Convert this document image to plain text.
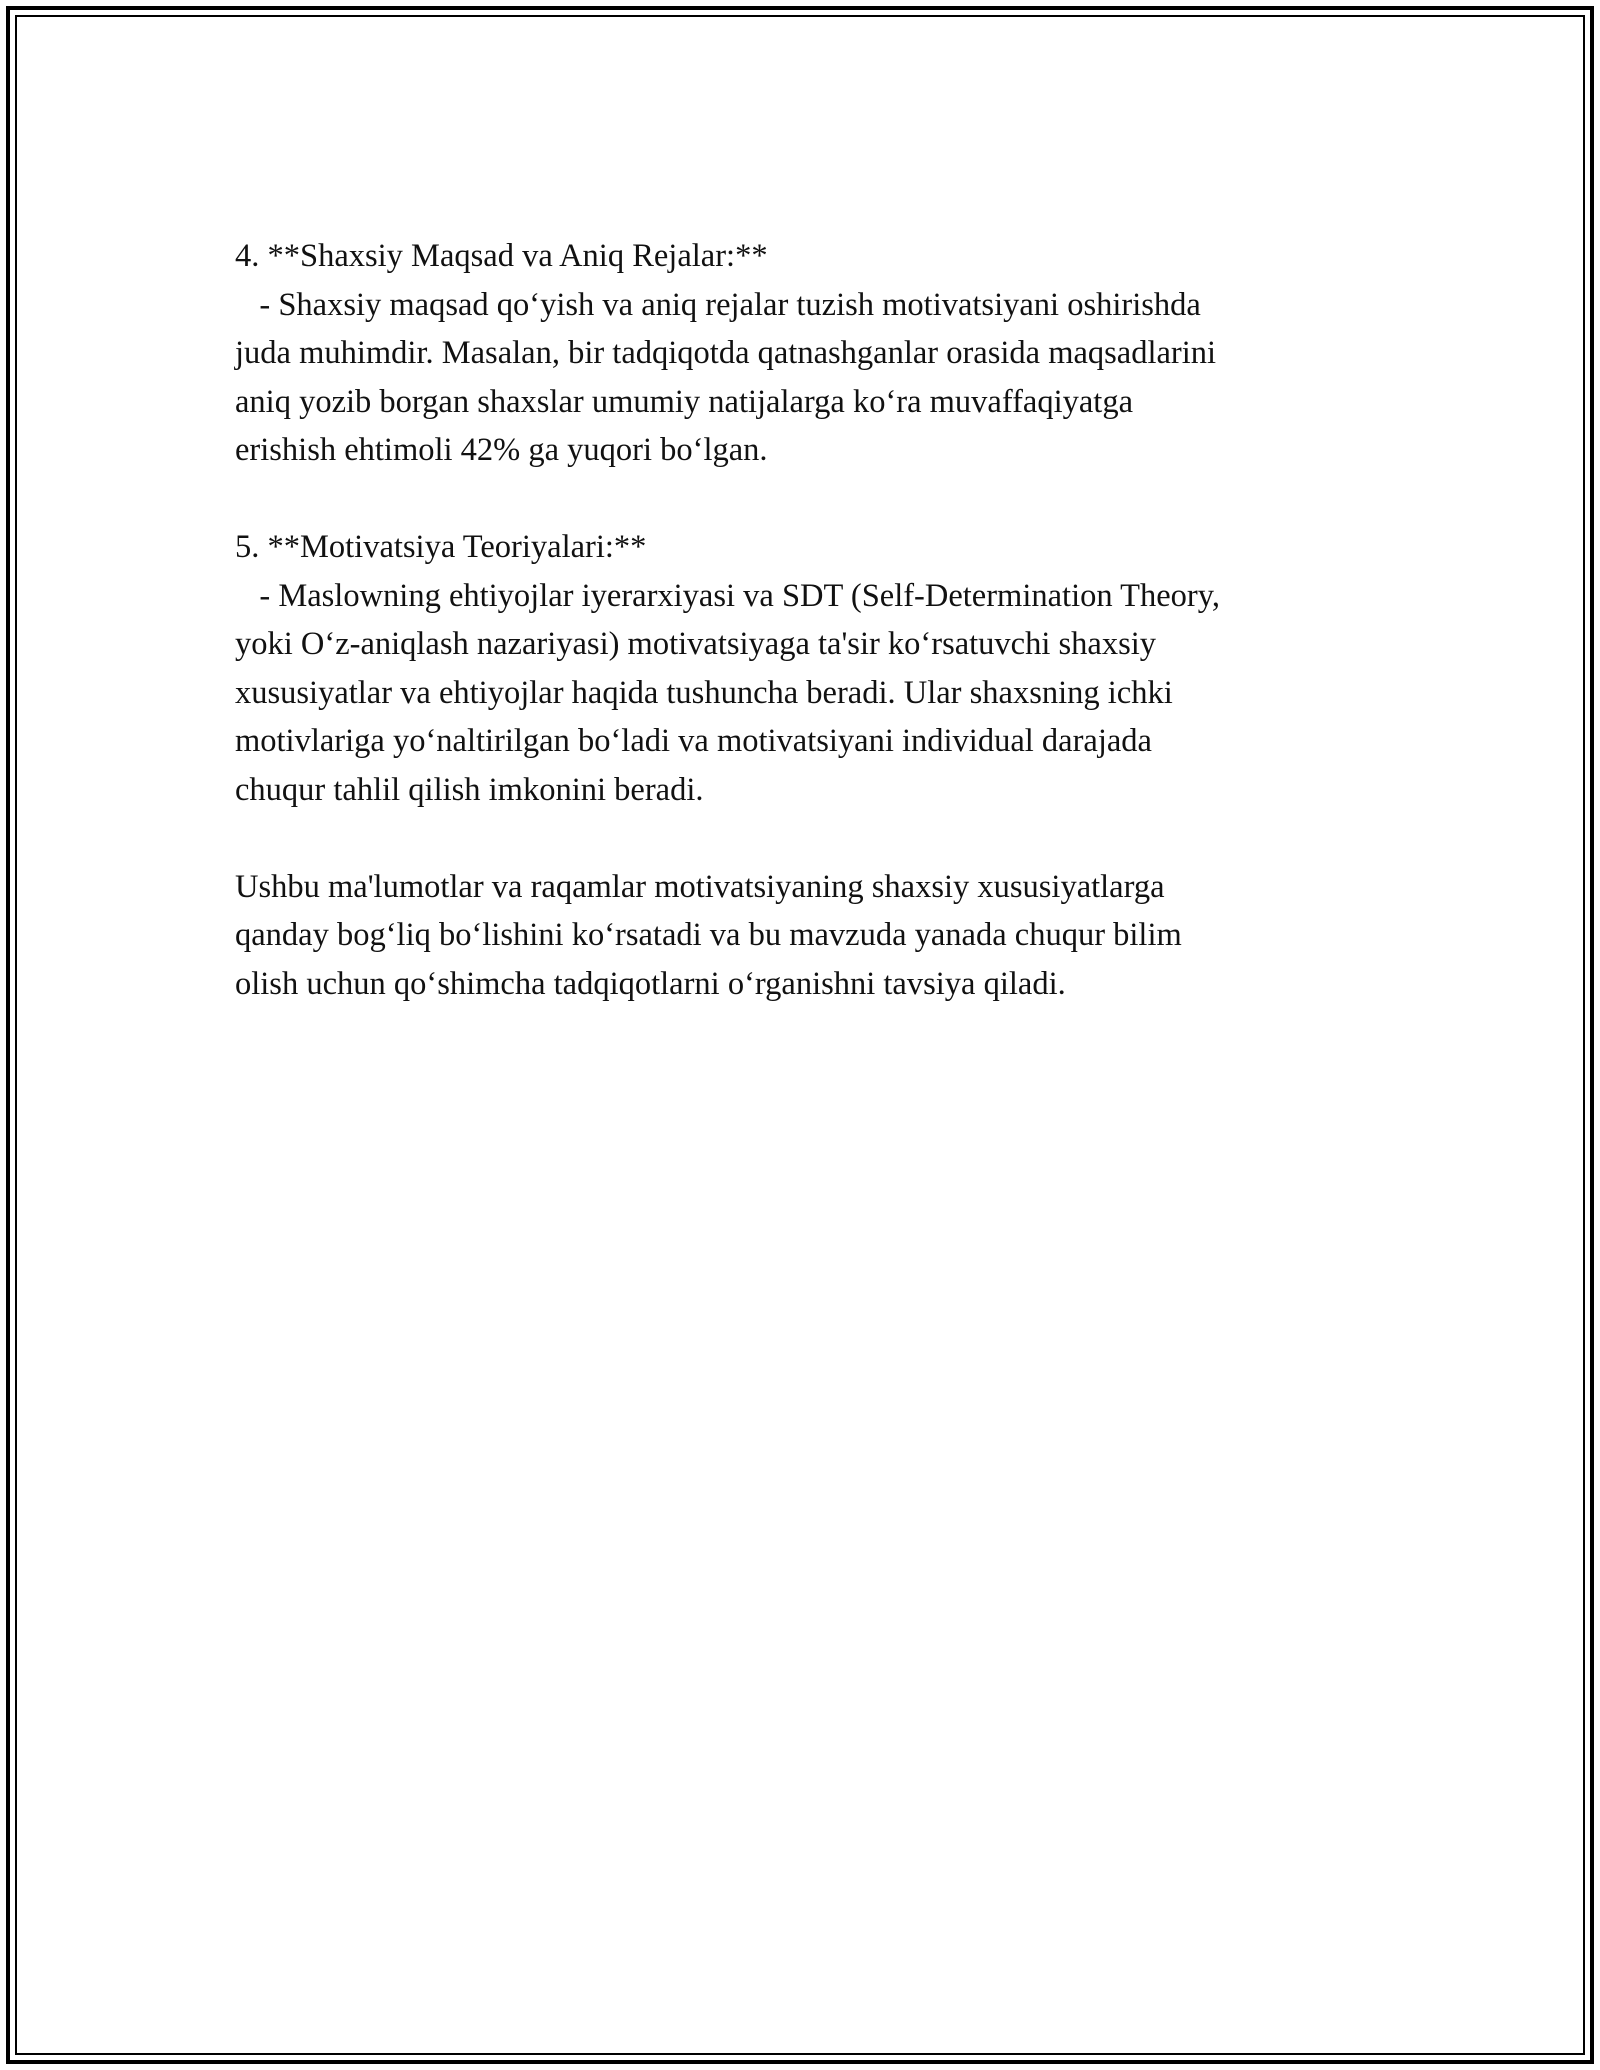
4. **Shaxsiy Maqsad va Aniq Rejalar:**
- Shaxsiy maqsad qo‘yish va aniq rejalar tuzish motivatsiyani oshirishda
juda muhimdir. Masalan, bir tadqiqotda qatnashganlar orasida maqsadlarini
aniq yozib borgan shaxslar umumiy natijalarga ko‘ra muvaffaqiyatga
erishish ehtimoli 42% ga yuqori bo‘lgan.
5. **Motivatsiya Teoriyalari:**
- Maslowning ehtiyojlar iyerarxiyasi va SDT (Self-Determination Theory,
yoki O‘z-aniqlash nazariyasi) motivatsiyaga ta'sir ko‘rsatuvchi shaxsiy
xususiyatlar va ehtiyojlar haqida tushuncha beradi. Ular shaxsning ichki
motivlariga yo‘naltirilgan bo‘ladi va motivatsiyani individual darajada
chuqur tahlil qilish imkonini beradi.
Ushbu ma'lumotlar va raqamlar motivatsiyaning shaxsiy xususiyatlarga
qanday bog‘liq bo‘lishini ko‘rsatadi va bu mavzuda yanada chuqur bilim
olish uchun qo‘shimcha tadqiqotlarni o‘rganishni tavsiya qiladi.
